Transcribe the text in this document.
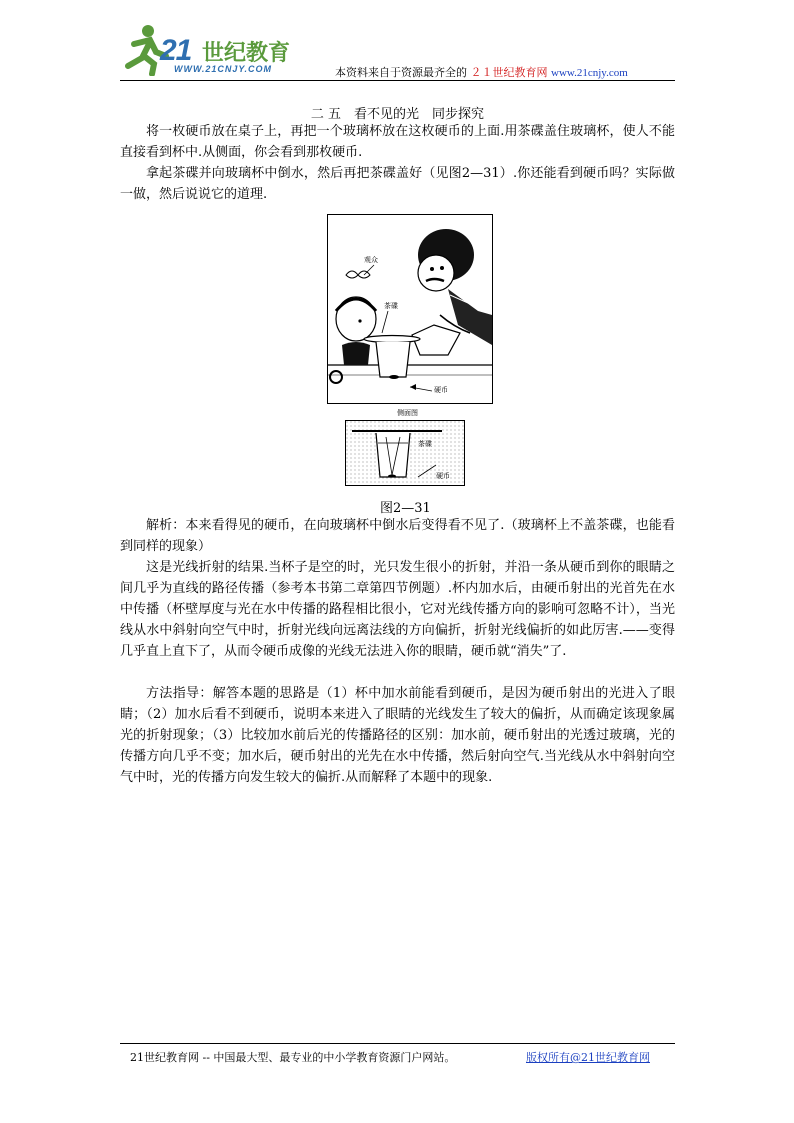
21 世纪教育
WWW.21CNJY.COM	本资料来自于资源最齐全的 ２１世纪教育网 www.21cnjy.com
二 五　看不见的光　同步探究

将一枚硬币放在桌子上，再把一个玻璃杯放在这枚硬币的上面.用茶碟盖住玻璃杯，使人不能直接看到杯中.从侧面，你会看到那枚硬币.

拿起茶碟并向玻璃杯中倒水，然后再把茶碟盖好（见图2—31）.你还能看到硬币吗？实际做一做，然后说说它的道理.

观众
茶碟
硬币
侧面图
茶碟
硬币
图2—31

解析：本来看得见的硬币，在向玻璃杯中倒水后变得看不见了.（玻璃杯上不盖茶碟，也能看到同样的现象）

这是光线折射的结果.当杯子是空的时，光只发生很小的折射，并沿一条从硬币到你的眼睛之间几乎为直线的路径传播（参考本书第二章第四节例题）.杯内加水后，由硬币射出的光首先在水中传播（杯壁厚度与光在水中传播的路程相比很小，它对光线传播方向的影响可忽略不计），当光线从水中斜射向空气中时，折射光线向远离法线的方向偏折，折射光线偏折的如此厉害.——变得几乎直上直下了，从而令硬币成像的光线无法进入你的眼睛，硬币就“消失”了.

方法指导：解答本题的思路是（1）杯中加水前能看到硬币，是因为硬币射出的光进入了眼睛；（2）加水后看不到硬币，说明本来进入了眼睛的光线发生了较大的偏折，从而确定该现象属光的折射现象；（3）比较加水前后光的传播路径的区别：加水前，硬币射出的光透过玻璃，光的传播方向几乎不变；加水后，硬币射出的光先在水中传播，然后射向空气.当光线从水中斜射向空气中时，光的传播方向发生较大的偏折.从而解释了本题中的现象.

21世纪教育网 -- 中国最大型、最专业的中小学教育资源门户网站。	版权所有@21世纪教育网
